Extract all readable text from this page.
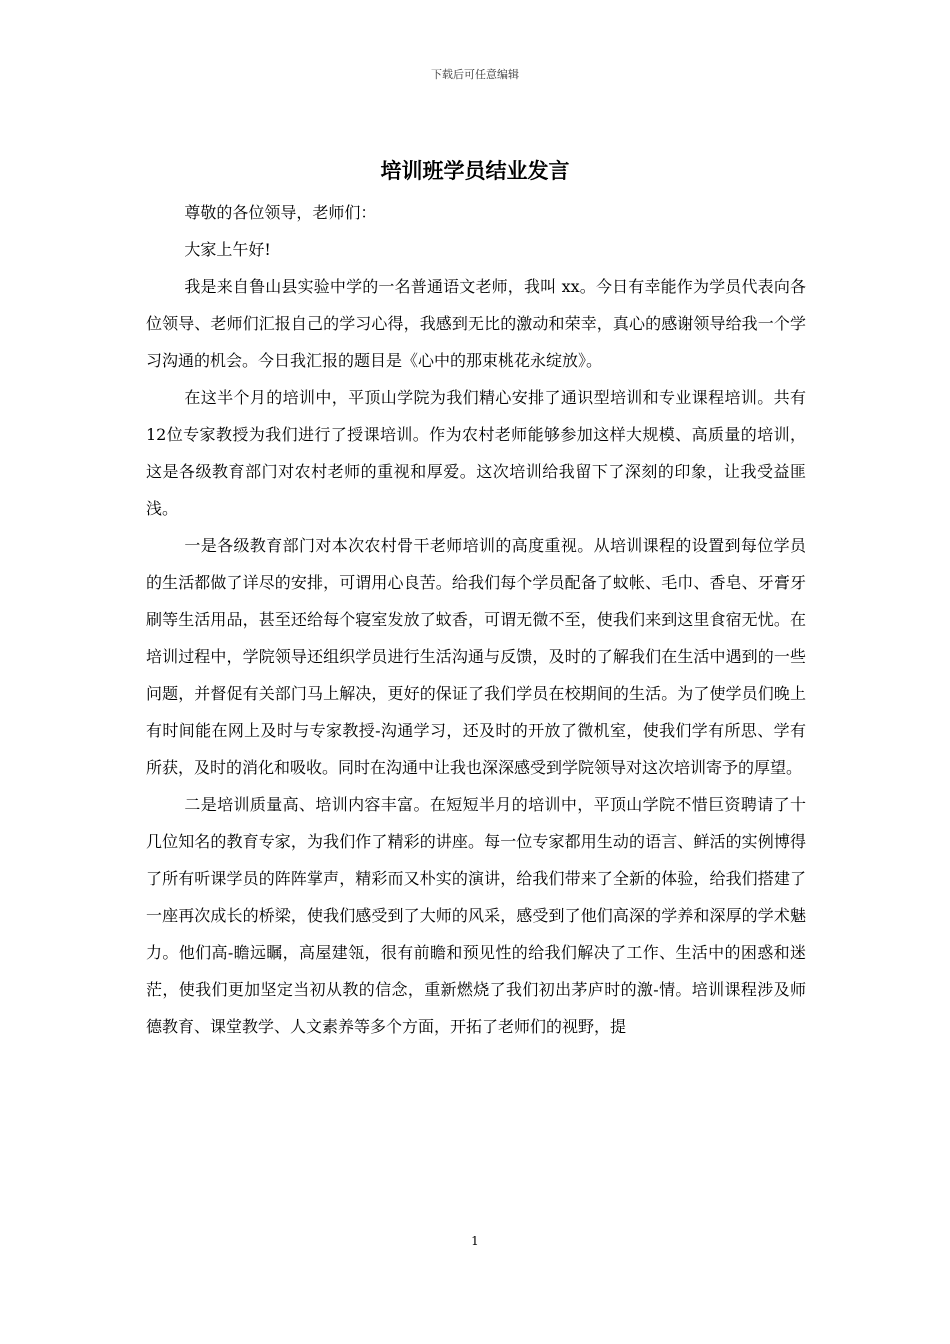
下载后可任意编辑
培训班学员结业发言

尊敬的各位领导，老师们：

大家上午好!

我是来自鲁山县实验中学的一名普通语文老师，我叫 xx。今日有幸能作为学员代表向各位领导、老师们汇报自己的学习心得，我感到无比的激动和荣幸，真心的感谢领导给我一个学习沟通的机会。今日我汇报的题目是《心中的那束桃花永绽放》。

在这半个月的培训中，平顶山学院为我们精心安排了通识型培训和专业课程培训。共有12位专家教授为我们进行了授课培训。作为农村老师能够参加这样大规模、高质量的培训，这是各级教育部门对农村老师的重视和厚爱。这次培训给我留下了深刻的印象，让我受益匪浅。

一是各级教育部门对本次农村骨干老师培训的高度重视。从培训课程的设置到每位学员的生活都做了详尽的安排，可谓用心良苦。给我们每个学员配备了蚊帐、毛巾、香皂、牙膏牙刷等生活用品，甚至还给每个寝室发放了蚊香，可谓无微不至，使我们来到这里食宿无忧。在培训过程中，学院领导还组织学员进行生活沟通与反馈，及时的了解我们在生活中遇到的一些问题，并督促有关部门马上解决，更好的保证了我们学员在校期间的生活。为了使学员们晚上有时间能在网上及时与专家教授-沟通学习，还及时的开放了微机室，使我们学有所思、学有所获，及时的消化和吸收。同时在沟通中让我也深深感受到学院领导对这次培训寄予的厚望。

二是培训质量高、培训内容丰富。在短短半月的培训中，平顶山学院不惜巨资聘请了十几位知名的教育专家，为我们作了精彩的讲座。每一位专家都用生动的语言、鲜活的实例博得了所有听课学员的阵阵掌声，精彩而又朴实的演讲，给我们带来了全新的体验，给我们搭建了一座再次成长的桥梁，使我们感受到了大师的风采，感受到了他们高深的学养和深厚的学术魅力。他们高-瞻远瞩，高屋建瓴，很有前瞻和预见性的给我们解决了工作、生活中的困惑和迷茫，使我们更加坚定当初从教的信念，重新燃烧了我们初出茅庐时的激-情。培训课程涉及师德教育、课堂教学、人文素养等多个方面，开拓了老师们的视野，提

1
